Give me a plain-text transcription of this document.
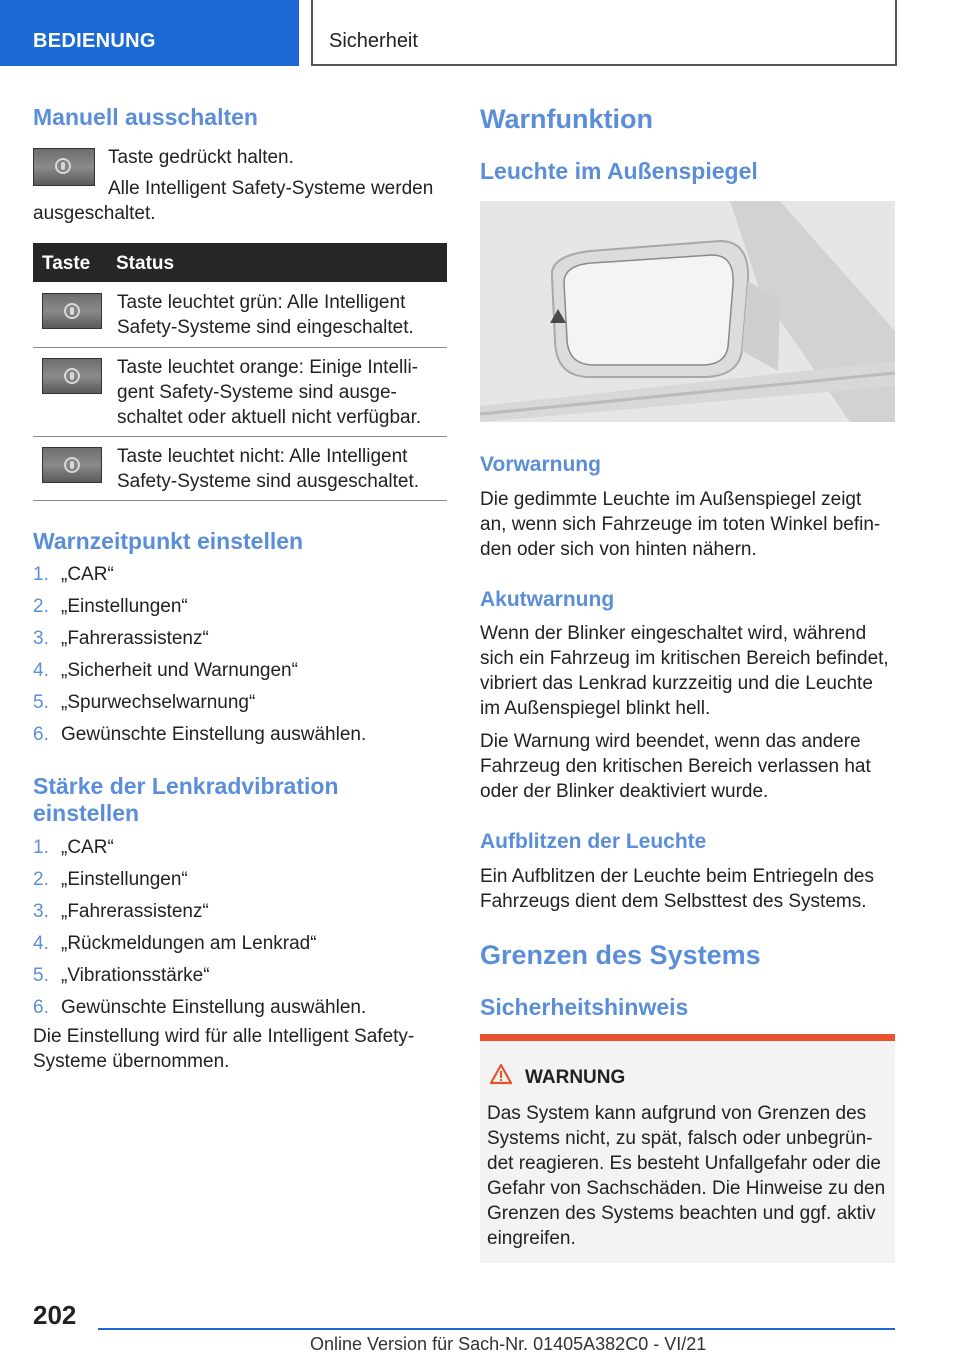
BEDIENUNG	Sicherheit
Manuell ausschalten

Taste gedrückt halten.

Alle Intelligent Safety-Systeme werden

ausgeschaltet.

Taste Status

Taste leuchtet grün: Alle Intelligent

Safety-Systeme sind eingeschaltet.

Taste leuchtet orange: Einige Intelli-

gent Safety-Systeme sind ausge-

schaltet oder aktuell nicht verfügbar.

Taste leuchtet nicht: Alle Intelligent

Safety-Systeme sind ausgeschaltet.

Warnzeitpunkt einstellen
1. „CAR“
2. „Einstellungen“
3. „Fahrerassistenz“
4. „Sicherheit und Warnungen“
5. „Spurwechselwarnung“
6. Gewünschte Einstellung auswählen.
Stärke der Lenkradvibration
einstellen
1. „CAR“
2. „Einstellungen“
3. „Fahrerassistenz“
4. „Rückmeldungen am Lenkrad“
5. „Vibrationsstärke“
6. Gewünschte Einstellung auswählen.

Die Einstellung wird für alle Intelligent Safety-

Systeme übernommen.

Warnfunktion
Leuchte im Außenspiegel
Vorwarnung

Die gedimmte Leuchte im Außenspiegel zeigt

an, wenn sich Fahrzeuge im toten Winkel befin-

den oder sich von hinten nähern.

Akutwarnung

Wenn der Blinker eingeschaltet wird, während

sich ein Fahrzeug im kritischen Bereich befindet,

vibriert das Lenkrad kurzzeitig und die Leuchte

im Außenspiegel blinkt hell.

Die Warnung wird beendet, wenn das andere

Fahrzeug den kritischen Bereich verlassen hat

oder der Blinker deaktiviert wurde.

Aufblitzen der Leuchte

Ein Aufblitzen der Leuchte beim Entriegeln des

Fahrzeugs dient dem Selbsttest des Systems.

Grenzen des Systems
Sicherheitshinweis
WARNUNG

Das System kann aufgrund von Grenzen des

Systems nicht, zu spät, falsch oder unbegrün-

det reagieren. Es besteht Unfallgefahr oder die

Gefahr von Sachschäden. Die Hinweise zu den

Grenzen des Systems beachten und ggf. aktiv

eingreifen.

202
Online Version für Sach-Nr. 01405A382C0 - VI/21
